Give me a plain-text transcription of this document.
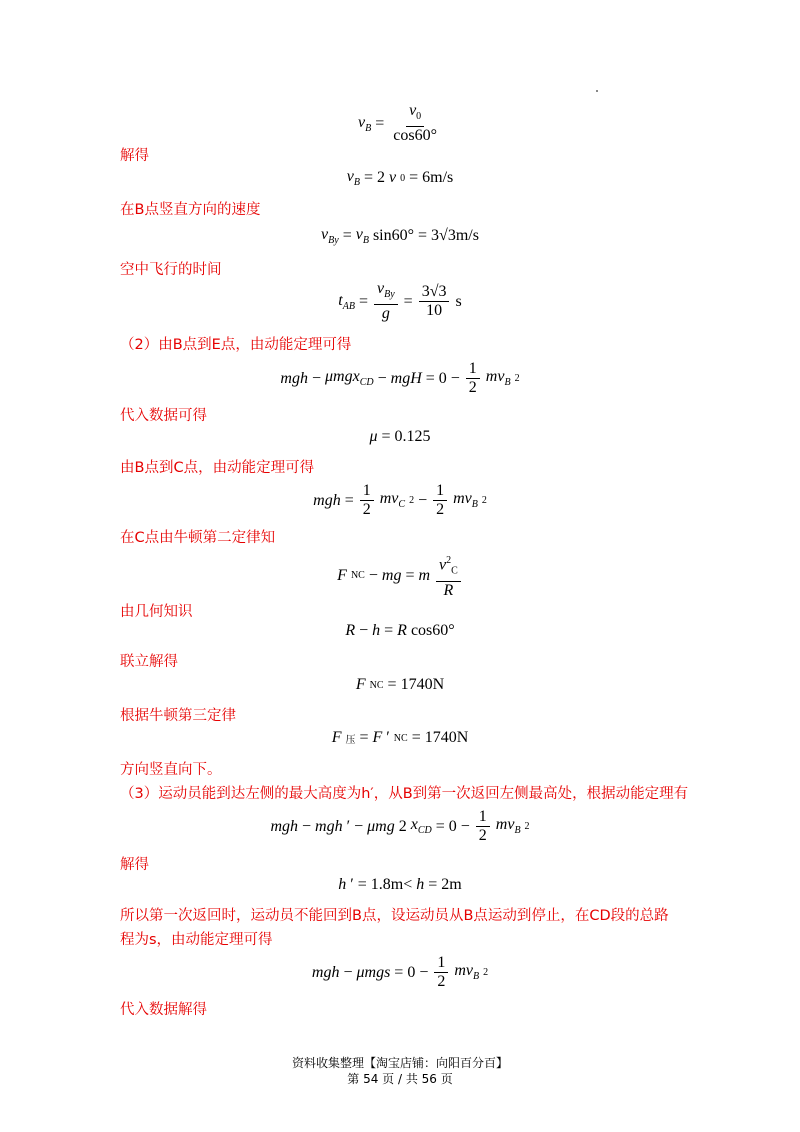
$v_B = \frac{v_0}{\cos 60^\circ}$
解得
$v_B = 2$ v 0 = 6m/s
在B点竖直方向的速度
$v_{By} = v_B$ sin60° = 3√3m/s
空中飞行的时间
$t_{AB} = \frac{v_{By}}{g} = \frac{3√3}{10}$ s
（2）由B点到E点，由动能定理可得
mgh − μmgx$_{CD}$ − mgH = $0 - \frac{1}{2} mv_B$ 2
代入数据可得
μ = 0.125
由B点到C点，由动能定理可得
mgh = $\frac{1}{2} mv_C$ $2 - \frac{1}{2} mv_B$ 2
在C点由牛顿第二定律知
F NC − mg = m $\frac{v^2_C}{R}$
由几何知识
R − h = R cos60°
联立解得
F NC = 1740N
根据牛顿第三定律
F 压 = F ′ NC = 1740N
方向竖直向下。
（3）运动员能到达左侧的最大高度为h′，从B到第一次返回左侧最高处，根据动能定理有
mgh − mgh ′ − μmg 2 $x_{CD} = 0 - \frac{1}{2} mv_B$ 2
解得
h ′ = 1.8m< h = 2m
所以第一次返回时，运动员不能回到B点，设运动员从B点运动到停止，在CD段的总路
程为s，由动能定理可得
mgh − $\mu mgs = 0 - \frac{1}{2} mv_B$ 2
代入数据解得
资料收集整理【淘宝店铺：向阳百分百】
第 54 页 / 共 56 页
